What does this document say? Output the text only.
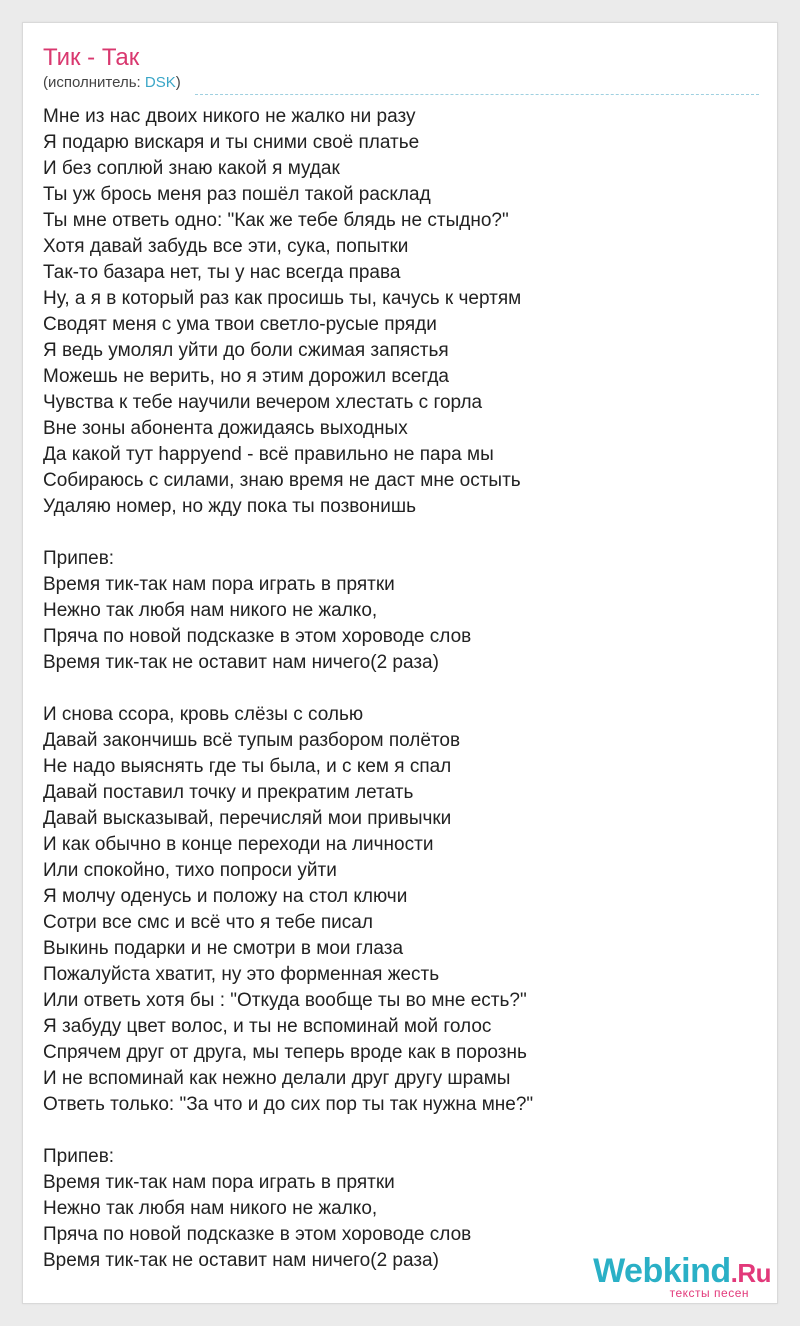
Тик - Так
(исполнитель: DSK)
Мне из нас двоих никого не жалко ни разу
Я подарю вискаря и ты сними своё платье
И без соплюй знаю какой я мудак
Ты уж брось меня раз пошёл такой расклад
Ты мне ответь одно: "Как же тебе блядь не стыдно?"
Хотя давай забудь все эти, сука, попытки
Так-то базара нет, ты у нас всегда права
Ну, а я в который раз как просишь ты, качусь к чертям
Сводят меня с ума твои светло-русые пряди
Я ведь умолял уйти до боли сжимая запястья
Можешь не верить, но я этим дорожил всегда
Чувства к тебе научили вечером хлестать с горла
Вне зоны абонента дожидаясь выходных
Да какой тут happyend - всё правильно не пара мы
Собираюсь с силами, знаю время не даст мне остыть
Удаляю номер, но жду пока ты позвонишь
Припев:
Время тик-так нам пора играть в прятки
Нежно так любя нам никого не жалко,
Пряча по новой подсказке в этом хороводе слов
Время тик-так не оставит нам ничего(2 раза)
И снова ссора, кровь слёзы с солью
Давай закончишь всё тупым разбором полётов
Не надо выяснять где ты была, и с кем я спал
Давай поставил точку и прекратим летать
Давай высказывай, перечисляй мои привычки
И как обычно в конце переходи на личности
Или спокойно, тихо попроси уйти
Я молчу оденусь и положу на стол ключи
Сотри все смс и всё что я тебе писал
Выкинь подарки и не смотри в мои глаза
Пожалуйста хватит, ну это форменная жесть
Или ответь хотя бы : "Откуда вообще ты во мне есть?"
Я забуду цвет волос, и ты не вспоминай мой голос
Спрячем друг от друга, мы теперь вроде как в порознь
И не вспоминай как нежно делали друг другу шрамы
Ответь только: "За что и до сих пор ты так нужна мне?"
Припев:
Время тик-так нам пора играть в прятки
Нежно так любя нам никого не жалко,
Пряча по новой подсказке в этом хороводе слов
Время тик-так не оставит нам ничего(2 раза)	Webkind.Ru
тексты песен
